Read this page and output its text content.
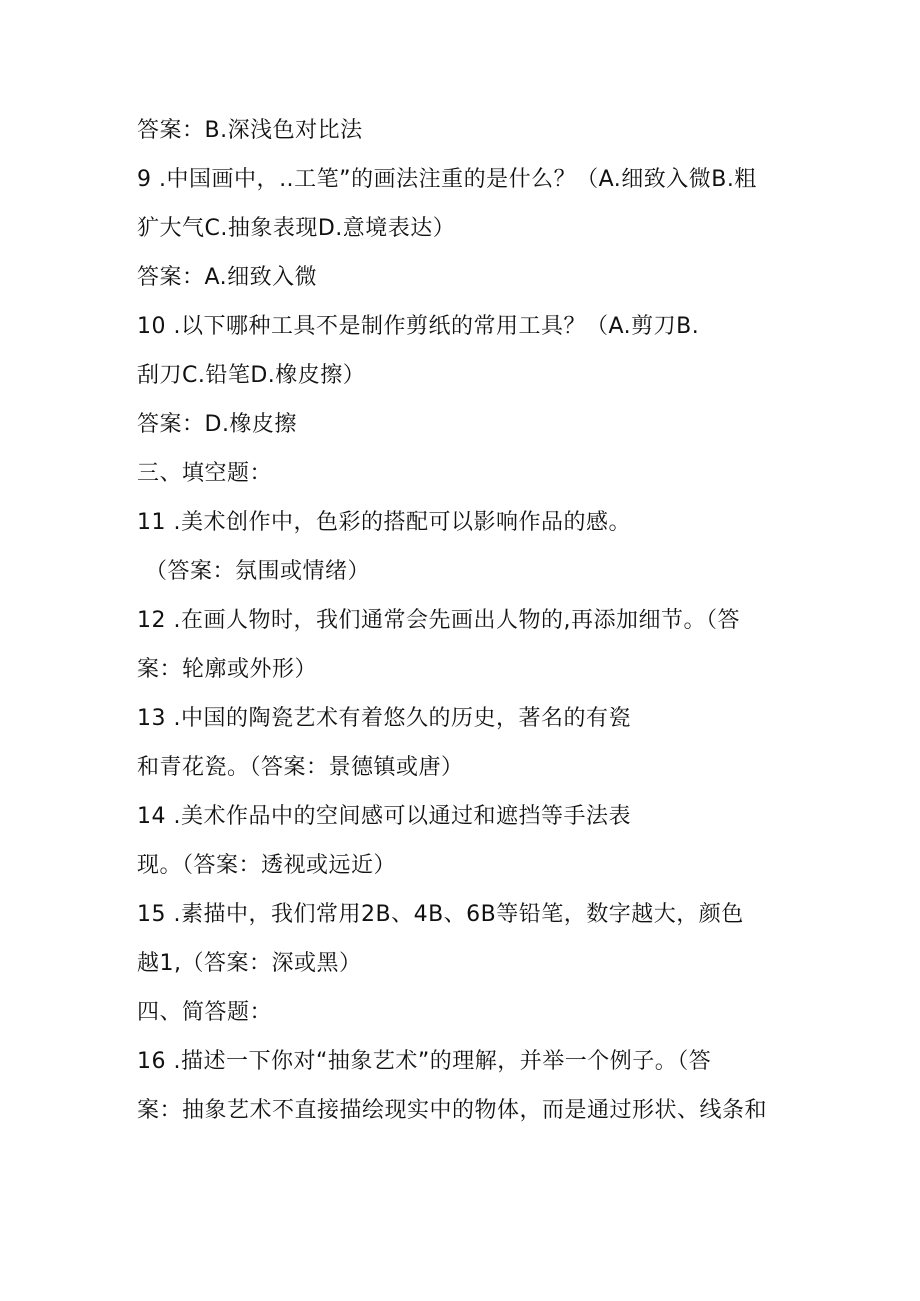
答案：B.深浅色对比法
9 .中国画中，‥工笔”的画法注重的是什么？（A.细致入微B.粗
犷大气C.抽象表现D.意境表达）
答案：A.细致入微
10 .以下哪种工具不是制作剪纸的常用工具？（A.剪刀B.
刮刀C.铅笔D.橡皮擦）
答案：D.橡皮擦
三、填空题：
11 .美术创作中，色彩的搭配可以影响作品的感。
（答案：氛围或情绪）
12 .在画人物时，我们通常会先画出人物的,再添加细节。（答
案：轮廓或外形）
13 .中国的陶瓷艺术有着悠久的历史，著名的有瓷
和青花瓷。（答案：景德镇或唐）
14 .美术作品中的空间感可以通过和遮挡等手法表
现。（答案：透视或远近）
15 .素描中，我们常用2B、4B、6B等铅笔，数字越大，颜色
越1,（答案：深或黑）
四、简答题：
16 .描述一下你对“抽象艺术”的理解，并举一个例子。（答
案：抽象艺术不直接描绘现实中的物体，而是通过形状、线条和
